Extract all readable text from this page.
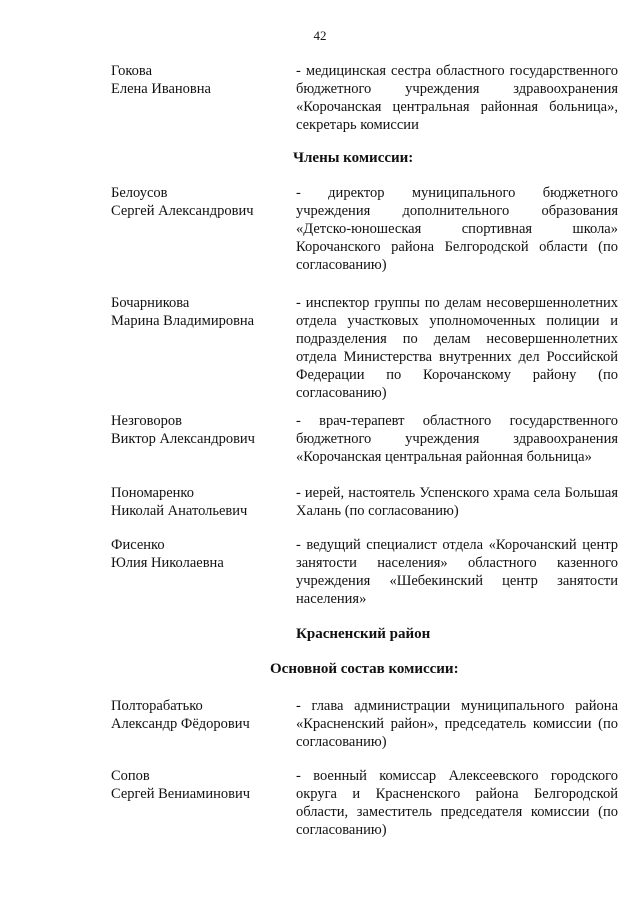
42
Гокова
Елена Ивановна
- медицинская сестра областного государственного бюджетного учреждения здравоохранения «Корочанская центральная районная больница», секретарь комиссии
Члены комиссии:
Белоусов
Сергей Александрович
- директор муниципального бюджетного учреждения дополнительного образования «Детско-юношеская спортивная школа» Корочанского района Белгородской области (по согласованию)
Бочарникова
Марина Владимировна
- инспектор группы по делам несовершеннолетних отдела участковых уполномоченных полиции и подразделения по делам несовершеннолетних отдела Министерства внутренних дел Российской Федерации по Корочанскому району (по согласованию)
Незговоров
Виктор Александрович
- врач-терапевт областного государственного бюджетного учреждения здравоохранения «Корочанская центральная районная больница»
Пономаренко
Николай Анатольевич
- иерей, настоятель Успенского храма села Большая Халань (по согласованию)
Фисенко
Юлия Николаевна
- ведущий специалист отдела «Корочанский центр занятости населения» областного казенного учреждения «Шебекинский центр занятости населения»
Красненский район
Основной состав комиссии:
Полторабатько
Александр Фёдорович
- глава администрации муниципального района «Красненский район», председатель комиссии (по согласованию)
Сопов
Сергей Вениаминович
- военный комиссар Алексеевского городского округа и Красненского района Белгородской области, заместитель председателя комиссии (по согласованию)
